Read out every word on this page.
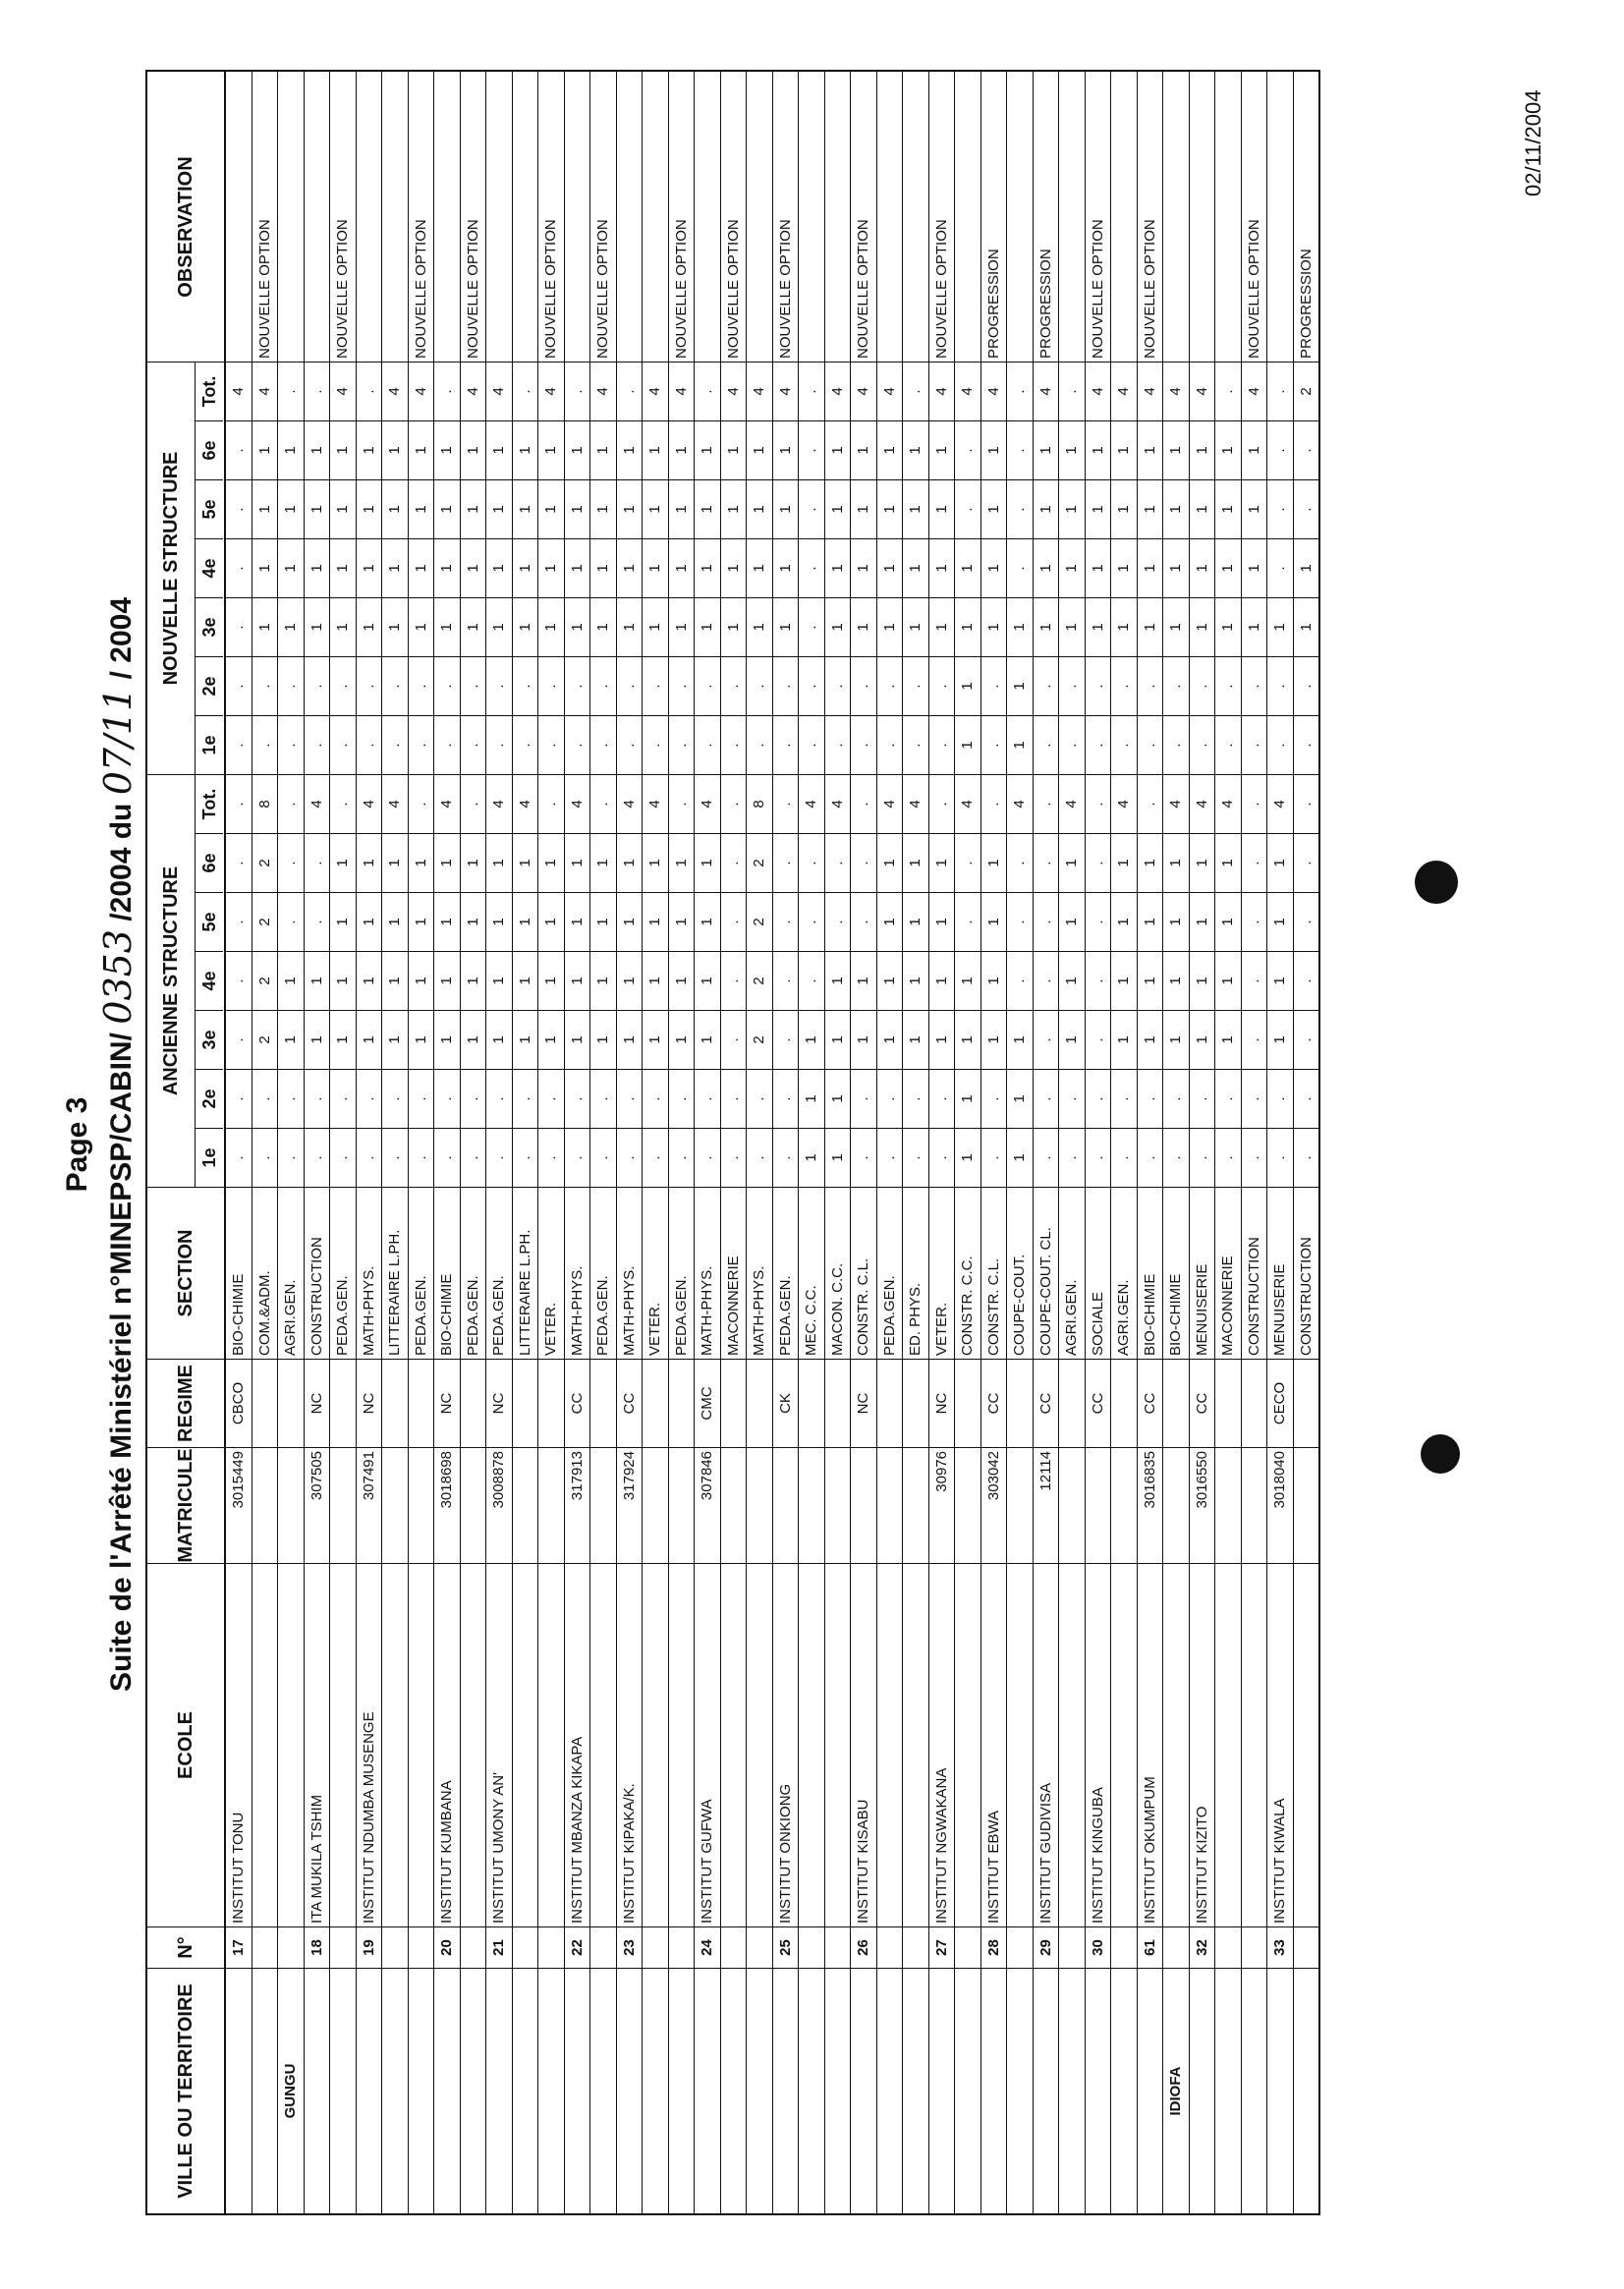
02/11/2004
Page 3 Suite de l'Arrêté Ministériel n°MINEPSP/CABIN/ 0353 /2004 du 07/11 / 2004
VILLE OU TERRITOIRE
N°
ECOLE
MATRICULE
REGIME
SECTION
ANCIENNE STRUCTURE
1e
2e
3e
4e
5e
6e
Tot.
NOUVELLE STRUCTURE
1e
2e
3e
4e
5e
6e
Tot.
OBSERVATION
17
INSTITUT TONU
3015449
CBCO
BIO-CHIMIE
.
.
.
.
.
.
.
.
.
.
.
.
.
4
COM.&ADM.
.
.
2
2
2
2
8
.
.
1
1
1
1
4
NOUVELLE OPTION
GUNGU
AGRI.GEN.
.
.
1
1
.
.
.
.
.
1
1
1
1
.
18
ITA MUKILA TSHIM
307505
NC
CONSTRUCTION
.
.
1
1
.
.
4
.
.
1
1
1
1
.
PEDA.GEN.
.
.
1
1
1
1
.
.
.
1
1
1
1
4
NOUVELLE OPTION
19
INSTITUT NDUMBA MUSENGE
307491
NC
MATH-PHYS.
.
.
1
1
1
1
4
.
.
1
1
1
1
.
LITTERAIRE L.PH.
.
.
1
1
1
1
4
.
.
1
1
1
1
4
PEDA.GEN.
.
.
1
1
1
1
.
.
.
1
1
1
1
4
NOUVELLE OPTION
20
INSTITUT KUMBANA
3018698
NC
BIO-CHIMIE
.
.
1
1
1
1
4
.
.
1
1
1
1
.
PEDA.GEN.
.
.
1
1
1
1
.
.
.
1
1
1
1
4
NOUVELLE OPTION
21
INSTITUT UMONY AN'
3008878
NC
PEDA.GEN.
.
.
1
1
1
1
4
.
.
1
1
1
1
4
LITTERAIRE L.PH.
.
.
1
1
1
1
4
.
.
1
1
1
1
.
VETER.
.
.
1
1
1
1
.
.
.
1
1
1
1
4
NOUVELLE OPTION
22
INSTITUT MBANZA KIKAPA
317913
CC
MATH-PHYS.
.
.
1
1
1
1
4
.
.
1
1
1
1
.
PEDA.GEN.
.
.
1
1
1
1
.
.
.
1
1
1
1
4
NOUVELLE OPTION
23
INSTITUT KIPAKA/K.
317924
CC
MATH-PHYS.
.
.
1
1
1
1
4
.
.
1
1
1
1
.
VETER.
.
.
1
1
1
1
4
.
.
1
1
1
1
4
PEDA.GEN.
.
.
1
1
1
1
.
.
.
1
1
1
1
4
NOUVELLE OPTION
24
INSTITUT GUFWA
307846
CMC
MATH-PHYS.
.
.
1
1
1
1
4
.
.
1
1
1
1
.
MACONNERIE
.
.
.
.
.
.
.
.
.
1
1
1
1
4
NOUVELLE OPTION
MATH-PHYS.
.
.
2
2
2
2
8
.
.
1
1
1
1
4
25
INSTITUT ONKIONG
CK
PEDA.GEN.
.
.
.
.
.
.
.
.
.
1
1
1
1
4
NOUVELLE OPTION
MEC. C.C.
1
1
1
.
.
.
4
.
.
.
.
.
.
.
MACON. C.C.
1
1
1
1
.
.
4
.
.
1
1
1
1
4
26
INSTITUT KISABU
NC
CONSTR. C.L.
.
.
1
1
.
.
.
.
.
1
1
1
1
4
NOUVELLE OPTION
PEDA.GEN.
.
.
1
1
1
1
4
.
.
1
1
1
1
4
ED. PHYS.
.
.
1
1
1
1
4
.
.
1
1
1
1
.
27
INSTITUT NGWAKANA
30976
NC
VETER.
.
.
1
1
1
1
.
.
.
1
1
1
1
4
NOUVELLE OPTION
CONSTR. C.C.
1
1
1
1
.
.
4
1
1
1
1
.
.
4
28
INSTITUT EBWA
303042
CC
CONSTR. C.L.
.
.
1
1
1
1
.
.
.
1
1
1
1
4
PROGRESSION
COUPE-COUT.
1
1
1
.
.
.
4
1
1
1
.
.
.
.
29
INSTITUT GUDIVISA
12114
CC
COUPE-COUT. CL.
.
.
.
.
.
.
.
.
.
1
1
1
1
4
PROGRESSION
AGRI.GEN.
.
.
1
1
1
1
4
.
.
1
1
1
1
.
30
INSTITUT KINGUBA
CC
SOCIALE
.
.
.
.
.
.
.
.
.
1
1
1
1
4
NOUVELLE OPTION
AGRI.GEN.
.
.
1
1
1
1
4
.
.
1
1
1
1
4
61
INSTITUT OKUMPUM
3016835
CC
BIO-CHIMIE
.
.
1
1
1
1
.
.
.
1
1
1
1
4
NOUVELLE OPTION
IDIOFA
BIO-CHIMIE
.
.
1
1
1
1
4
.
.
1
1
1
1
4
32
INSTITUT KIZITO
3016550
CC
MENUISERIE
.
.
1
1
1
1
4
.
.
1
1
1
1
4
MACONNERIE
.
.
1
1
1
1
4
.
.
1
1
1
1
.
CONSTRUCTION
.
.
.
.
.
.
.
.
.
1
1
1
1
4
NOUVELLE OPTION
33
INSTITUT KIWALA
3018040
CECO
MENUISERIE
.
.
1
1
1
1
4
.
.
1
.
.
.
.
CONSTRUCTION
.
.
.
.
.
.
.
.
.
1
1
.
.
2
PROGRESSION
